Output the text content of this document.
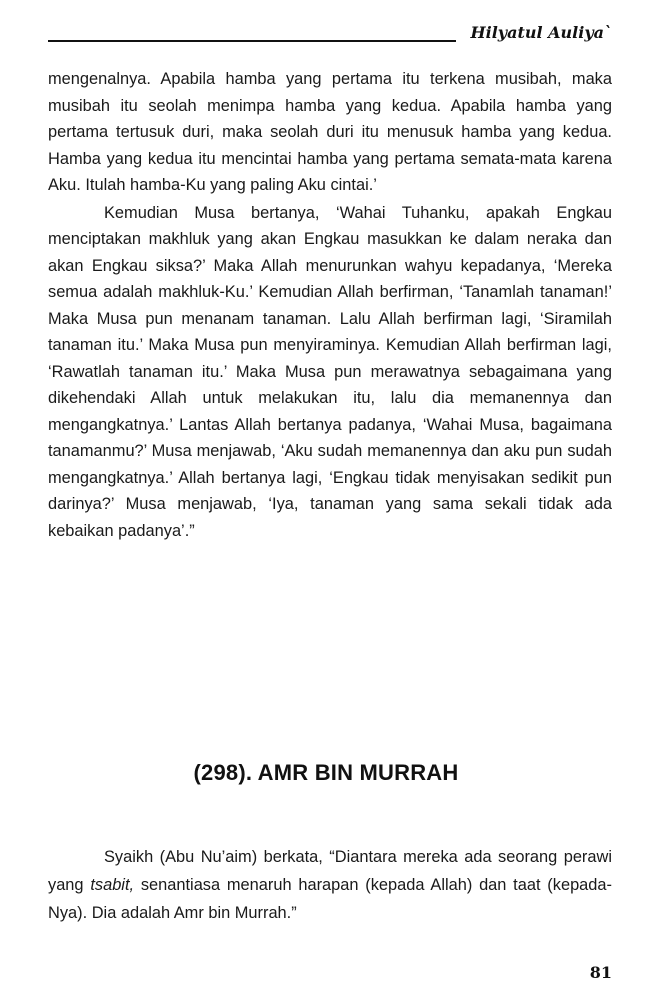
Hilyatul Auliya`

mengenalnya. Apabila hamba yang pertama itu terkena musibah, maka musibah itu seolah menimpa hamba yang kedua. Apabila hamba yang pertama tertusuk duri, maka seolah duri itu menusuk hamba yang kedua. Hamba yang kedua itu mencintai hamba yang pertama semata-mata karena Aku. Itulah hamba-Ku yang paling Aku cintai.’

Kemudian Musa bertanya, ‘Wahai Tuhanku, apakah Engkau menciptakan makhluk yang akan Engkau masukkan ke dalam neraka dan akan Engkau siksa?’ Maka Allah menurunkan wahyu kepadanya, ‘Mereka semua adalah makhluk-Ku.’ Kemudian Allah berfirman, ‘Tanamlah tanaman!’ Maka Musa pun menanam tanaman. Lalu Allah berfirman lagi, ‘Siramilah tanaman itu.’ Maka Musa pun menyiraminya. Kemudian Allah berfirman lagi, ‘Rawatlah tanaman itu.’ Maka Musa pun merawatnya sebagaimana yang dikehendaki Allah untuk melakukan itu, lalu dia memanennya dan mengangkatnya.’ Lantas Allah bertanya padanya, ‘Wahai Musa, bagaimana tanamanmu?’ Musa menjawab, ‘Aku sudah memanennya dan aku pun sudah mengangkatnya.’ Allah bertanya lagi, ‘Engkau tidak menyisakan sedikit pun darinya?’ Musa menjawab, ‘Iya, tanaman yang sama sekali tidak ada kebaikan padanya’.”

(298). AMR BIN MURRAH

Syaikh (Abu Nu’aim) berkata, “Diantara mereka ada seorang perawi yang tsabit, senantiasa menaruh harapan (kepada Allah) dan taat (kepada-Nya). Dia adalah Amr bin Murrah.”

81
